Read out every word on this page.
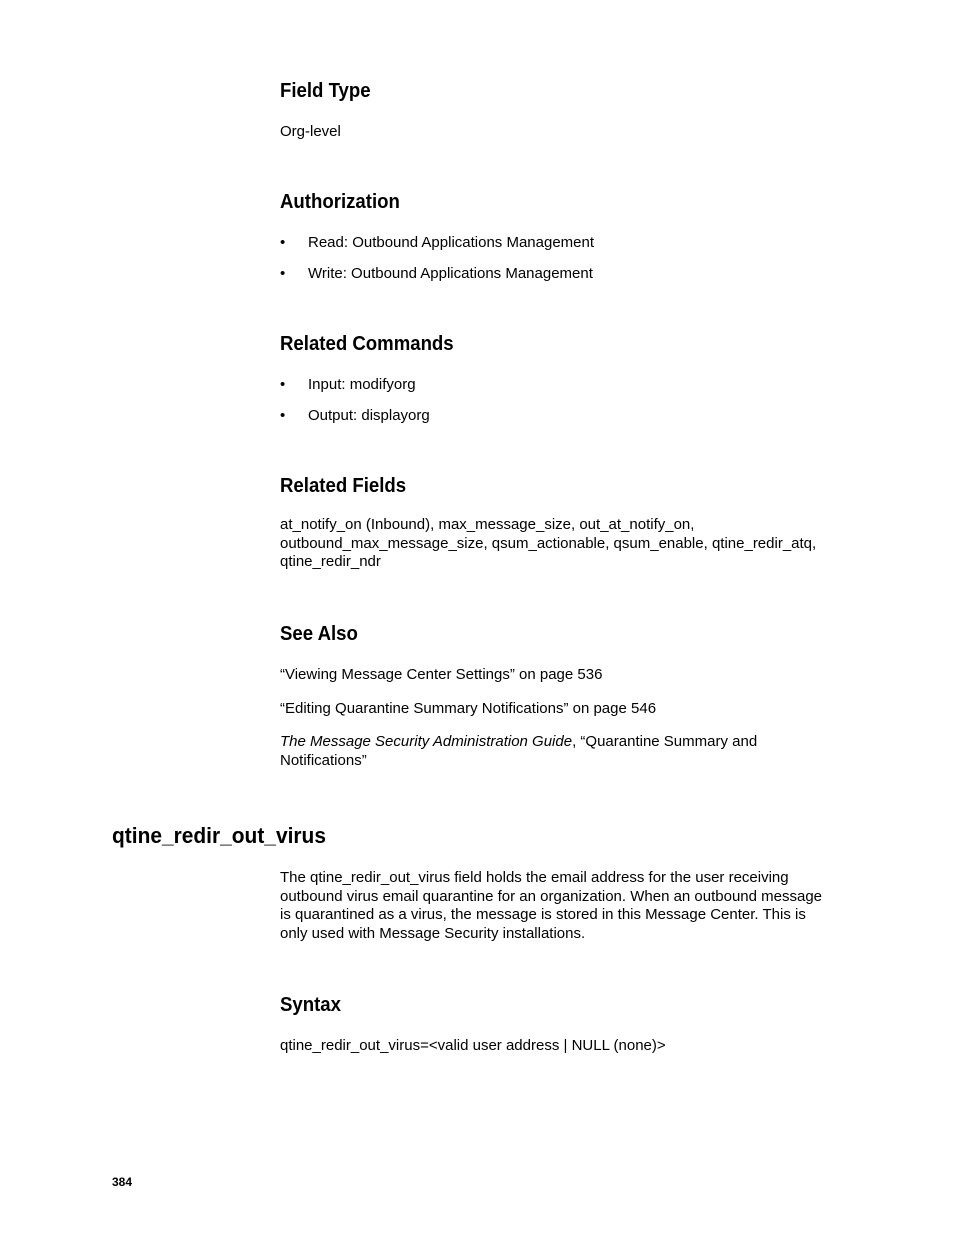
Field Type
Org-level
Authorization
• Read: Outbound Applications Management
• Write: Outbound Applications Management
Related Commands
• Input: modifyorg
• Output: displayorg
Related Fields
at_notify_on (Inbound), max_message_size, out_at_notify_on,
outbound_max_message_size, qsum_actionable, qsum_enable, qtine_redir_atq,
qtine_redir_ndr
See Also
“Viewing Message Center Settings” on page 536
“Editing Quarantine Summary Notifications” on page 546
The Message Security Administration Guide, “Quarantine Summary and
Notifications”
qtine_redir_out_virus
The qtine_redir_out_virus field holds the email address for the user receiving
outbound virus email quarantine for an organization. When an outbound message
is quarantined as a virus, the message is stored in this Message Center. This is
only used with Message Security installations.
Syntax
qtine_redir_out_virus=<valid user address | NULL (none)>
384
